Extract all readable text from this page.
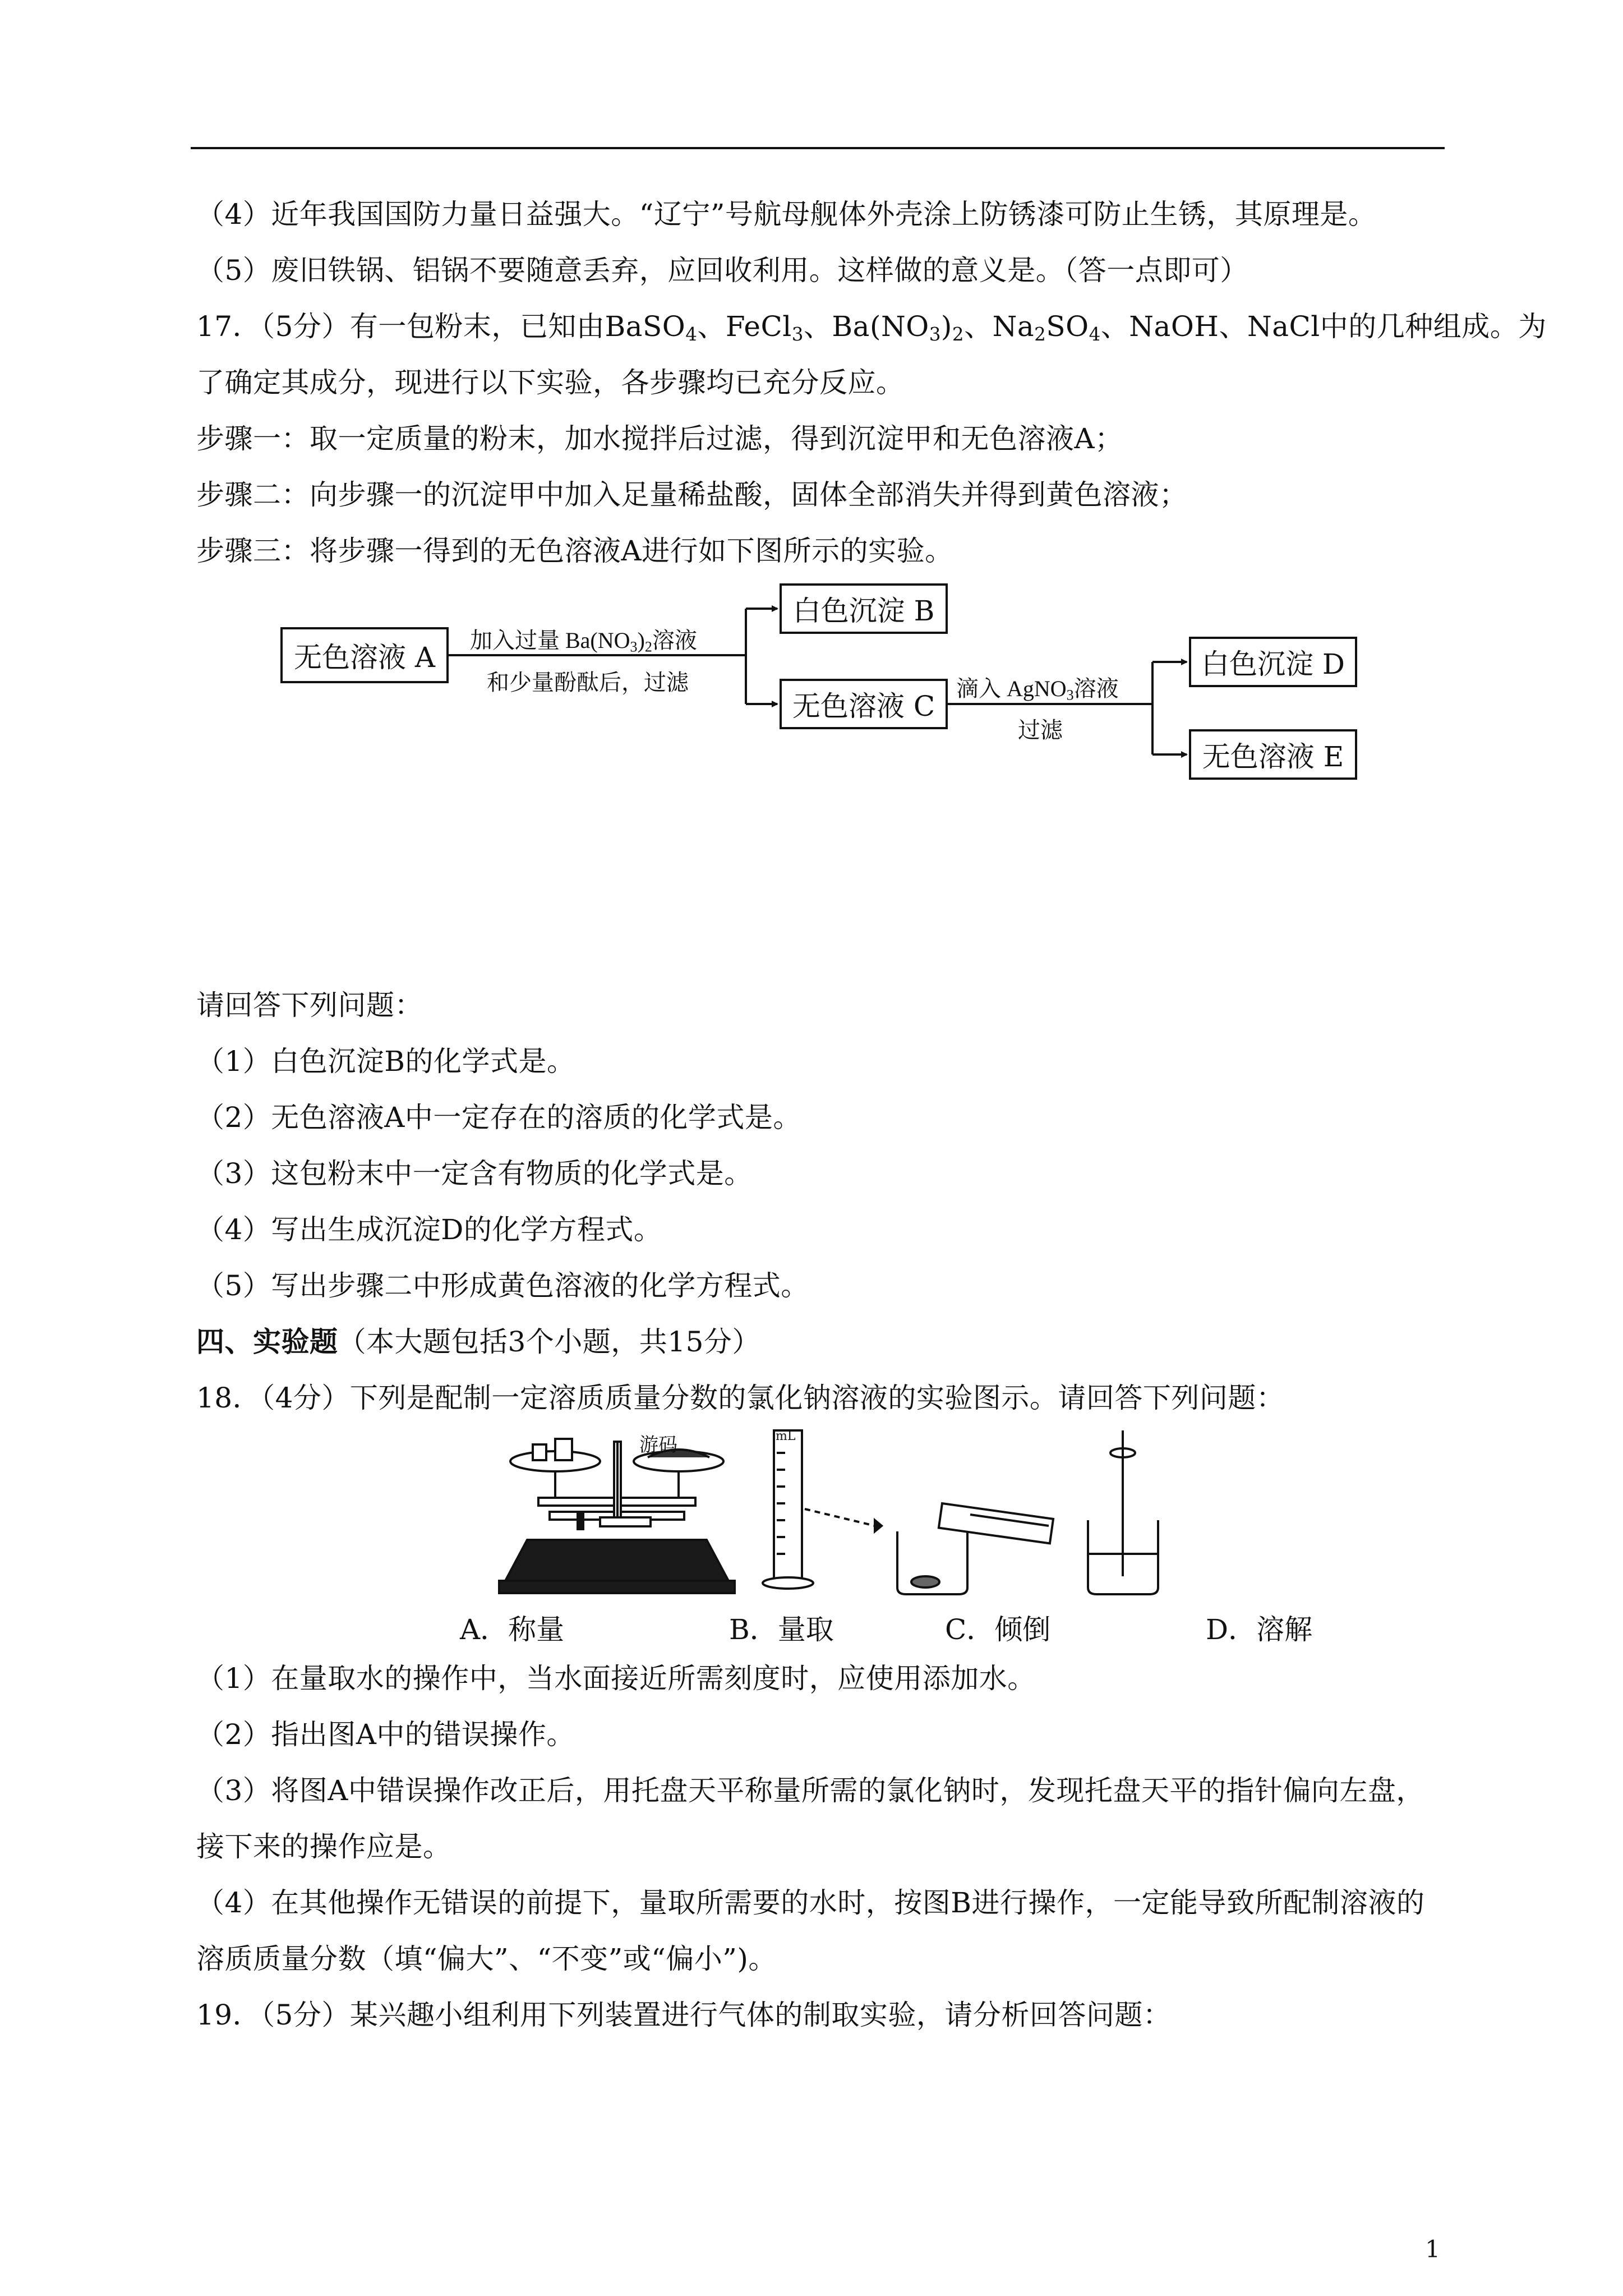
（4）近年我国国防力量日益强大。“辽宁”号航母舰体外壳涂上防锈漆可防止生锈，其原理是。
（5）废旧铁锅、铝锅不要随意丢弃，应回收利用。这样做的意义是。（答一点即可）
17．（5分）有一包粉末，已知由BaSO$_4$、FeCl$_3$、$Ba(NO_3)_2$、$Na_2SO_4$、NaOH、NaCl中的几种组成。为
了确定其成分，现进行以下实验，各步骤均已充分反应。
步骤一：取一定质量的粉末，加水搅拌后过滤，得到沉淀甲和无色溶液A；
步骤二：向步骤一的沉淀甲中加入足量稀盐酸，固体全部消失并得到黄色溶液；
步骤三：将步骤一得到的无色溶液A进行如下图所示的实验。
无色溶液 A
白色沉淀 B
无色溶液 C
白色沉淀 D
无色溶液 E
加入过量 $Ba(NO_3)_2$溶液
和少量酚酞后，过滤	滴入 AgNO$_3$溶液
过滤
请回答下列问题：
（1）白色沉淀B的化学式是。
（2）无色溶液A中一定存在的溶质的化学式是。
（3）这包粉末中一定含有物质的化学式是。
（4）写出生成沉淀D的化学方程式。
（5）写出步骤二中形成黄色溶液的化学方程式。
四、实验题（本大题包括3个小题，共15分）
18．（4分）下列是配制一定溶质质量分数的氯化钠溶液的实验图示。请回答下列问题：
游码	mL
A．称量	B．量取	C．倾倒	D．溶解
（1）在量取水的操作中，当水面接近所需刻度时，应使用添加水。
（2）指出图A中的错误操作。
（3）将图A中错误操作改正后，用托盘天平称量所需的氯化钠时，发现托盘天平的指针偏向左盘，
接下来的操作应是。
（4）在其他操作无错误的前提下，量取所需要的水时，按图B进行操作，一定能导致所配制溶液的
溶质质量分数（填“偏大”、“不变”或“偏小”)。
19．（5分）某兴趣小组利用下列装置进行气体的制取实验，请分析回答问题：
1
